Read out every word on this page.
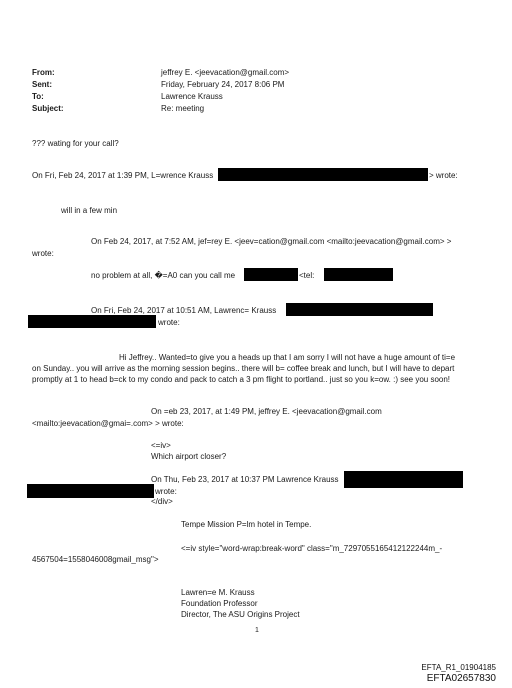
From:	jeffrey E. <jeevacation@gmail.com>
Sent:	Friday, February 24, 2017 8:06 PM
To:	Lawrence Krauss
Subject:	Re: meeting
??? wating for your call?
On Fri, Feb 24, 2017 at 1:39 PM, L=wrence Krauss	> wrote:
will in a few min
On Feb 24, 2017, at 7:52 AM, jef=rey E. <jeev=cation@gmail.com <mailto:jeevacation@gmail.com> >
wrote:
no problem at all, �=A0 can you call me	<tel:
On Fri, Feb 24, 2017 at 10:51 AM, Lawrenc= Krauss
wrote:
Hi Jeffrey.. Wanted=to give you a heads up that I am sorry I will not have a huge amount of ti=e
on Sunday.. you will arrive as the morning session begins.. there will b= coffee break and lunch, but I will have to depart
promptly at 1 to head b=ck to my condo and pack to catch a 3 pm flight to portland.. just so you k=ow. :) see you soon!
On =eb 23, 2017, at 1:49 PM, jeffrey E. <jeevacation@gmail.com
<mailto:jeevacation@gmai=.com> > wrote:
<=iv>
Which airport closer?
On Thu, Feb 23, 2017 at 10:37 PM Lawrence Krauss
wrote:
</div>
Tempe Mission P=lm hotel in Tempe.
<=iv style="word-wrap:break-word" class="m_7297055165412122244m_-
4567504=1558046008gmail_msg">
Lawren=e M. Krauss
Foundation Professor
Director, The ASU Origins Project
1
EFTA_R1_01904185
EFTA02657830
